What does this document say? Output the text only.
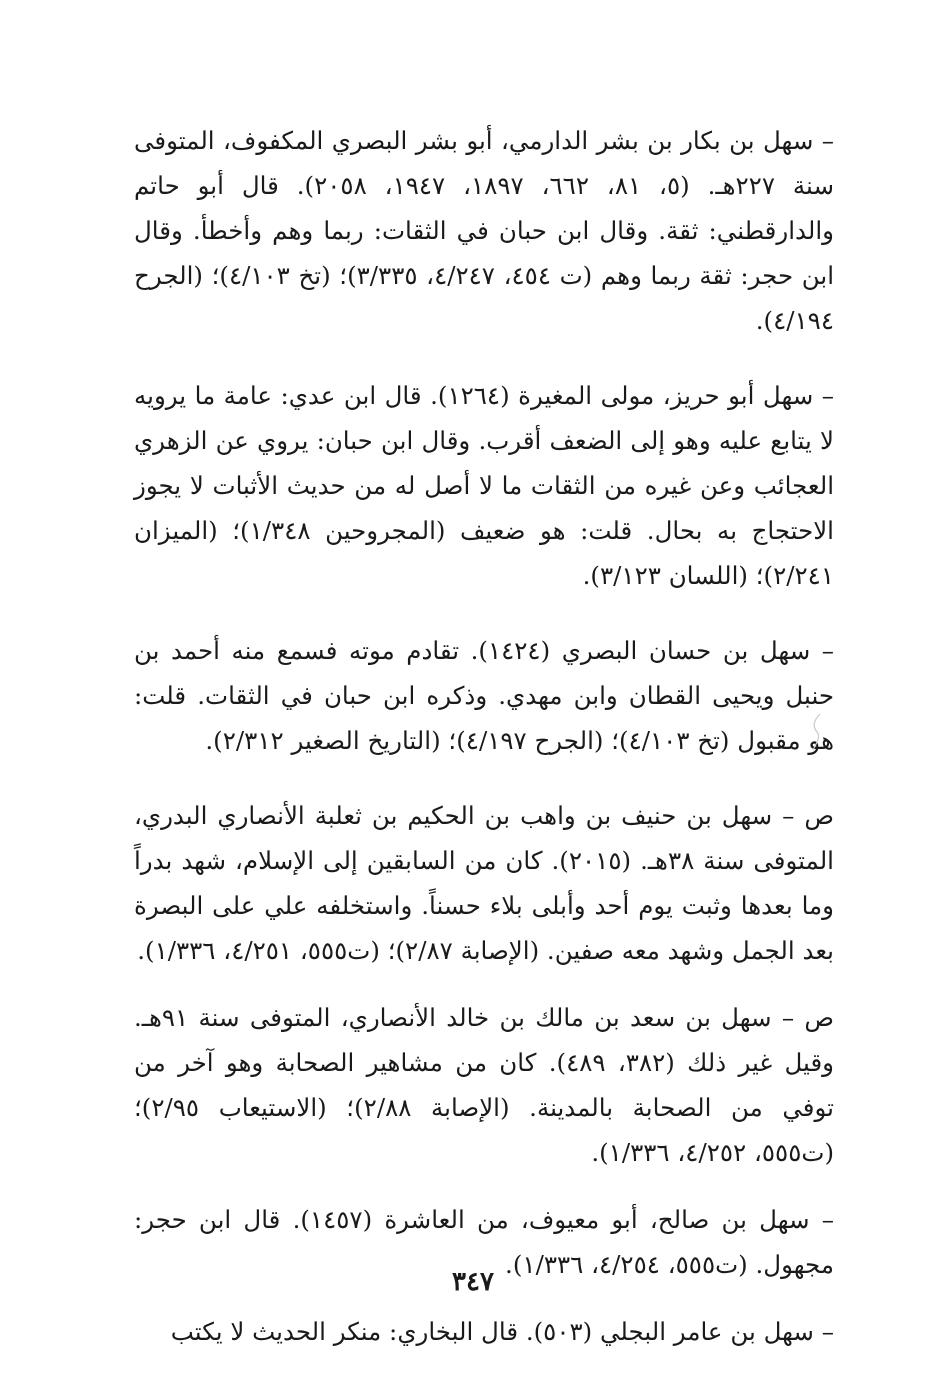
– سهل بن بكار بن بشر الدارمي، أبو بشر البصري المكفوف، المتوفى سنة ٢٢٧هـ. (٥، ٨١، ٦٦٢، ١٨٩٧، ١٩٤٧، ٢٠٥٨). قال أبو حاتم والدارقطني: ثقة. وقال ابن حبان في الثقات: ربما وهم وأخطأ. وقال ابن حجر: ثقة ربما وهم (ت ٤٥٤، ٤/٢٤٧، ٣/٣٣٥)؛ (تخ ٤/١٠٣)؛ (الجرح ٤/١٩٤).

– سهل أبو حريز، مولى المغيرة (١٢٦٤). قال ابن عدي: عامة ما يرويه لا يتابع عليه وهو إلى الضعف أقرب. وقال ابن حبان: يروي عن الزهري العجائب وعن غيره من الثقات ما لا أصل له من حديث الأثبات لا يجوز الاحتجاج به بحال. قلت: هو ضعيف (المجروحين ١/٣٤٨)؛ (الميزان ٢/٢٤١)؛ (اللسان ٣/١٢٣).

– سهل بن حسان البصري (١٤٢٤). تقادم موته فسمع منه أحمد بن حنبل ويحيى القطان وابن مهدي. وذكره ابن حبان في الثقات. قلت: هو مقبول (تخ ٤/١٠٣)؛ (الجرح ٤/١٩٧)؛ (التاريخ الصغير ٢/٣١٢).

ص – سهل بن حنيف بن واهب بن الحكيم بن ثعلبة الأنصاري البدري، المتوفى سنة ٣٨هـ. (٢٠١٥). كان من السابقين إلى الإسلام، شهد بدراً وما بعدها وثبت يوم أحد وأبلى بلاء حسناً. واستخلفه علي على البصرة بعد الجمل وشهد معه صفين. (الإصابة ٢/٨٧)؛ (ت٥٥٥، ٤/٢٥١، ١/٣٣٦).

ص – سهل بن سعد بن مالك بن خالد الأنصاري، المتوفى سنة ٩١هـ. وقيل غير ذلك (٣٨٢، ٤٨٩). كان من مشاهير الصحابة وهو آخر من توفي من الصحابة بالمدينة. (الإصابة ٢/٨٨)؛ (الاستيعاب ٢/٩٥)؛ (ت٥٥٥، ٤/٢٥٢، ١/٣٣٦).

– سهل بن صالح، أبو معيوف، من العاشرة (١٤٥٧). قال ابن حجر: مجهول. (ت٥٥٥، ٤/٢٥٤، ١/٣٣٦).

– سهل بن عامر البجلي (٥٠٣). قال البخاري: منكر الحديث لا يكتب

٣٤٧
